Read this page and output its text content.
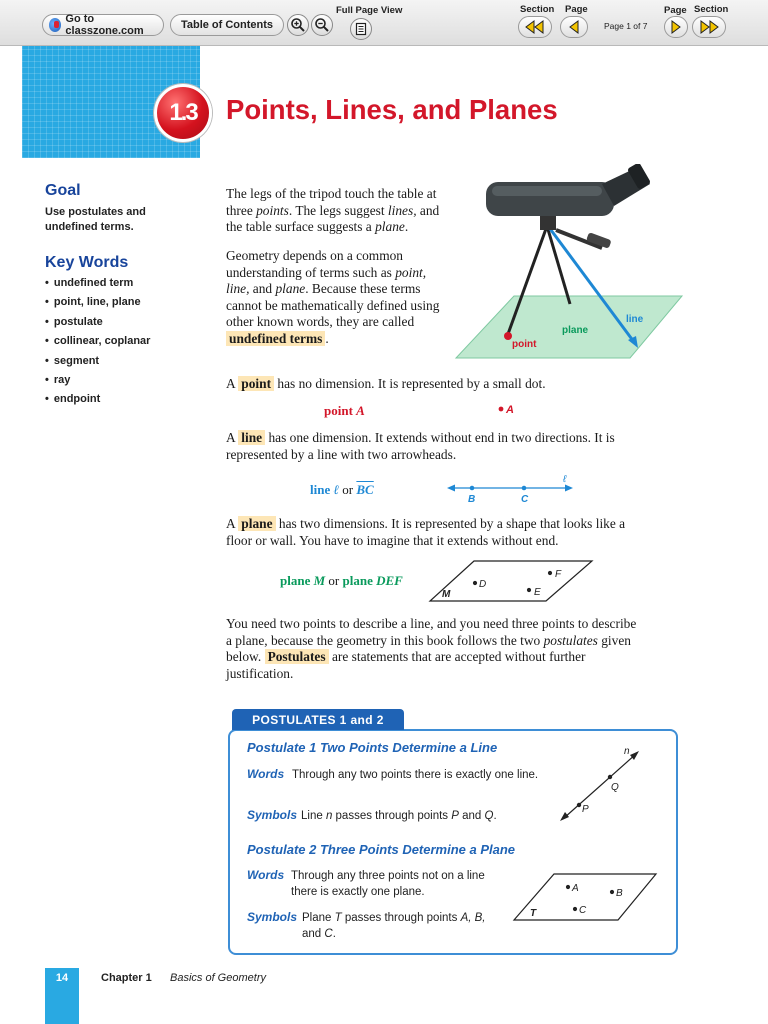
Go to classzone.com	Table of Contents
Full Page View	Section Page
Page 1 of 7
Page Section
1.3	Points, Lines, and Planes
Goal
Use postulates and undefined terms.
Key Words
• undefined term
• point, line, plane
• postulate
• collinear, coplanar
• segment
• ray
• endpoint

The legs of the tripod touch the table at three points. The legs suggest lines, and the table surface suggests a plane.

Geometry depends on a common understanding of terms such as point, line, and plane. Because these terms cannot be mathematically defined using other known words, they are called undefined terms .	point
plane
line

A point has no dimension. It is represented by a small dot.

point A	A

A line has one dimension. It extends without end in two directions. It is represented by a line with two arrowheads.

line ℓ or $\overline{BC}$
B	C
ℓ

A plane has two dimensions. It is represented by a shape that looks like a floor or wall. You have to imagine that it extends without end.

plane M or plane DEF	D
F
E
M

You need two points to describe a line, and you need three points to describe a plane, because the geometry in this book follows the two postulates given below. Postulates are statements that are accepted without further justification.

POSTULATES 1 and 2
Postulate 1 Two Points Determine a Line
Words Through any two points there is exactly one line.
Symbols Line n passes through points P and Q.
P
Q
n
Postulate 2 Three Points Determine a Plane
Words Through any three points not on a line there is exactly one plane.
Symbols Plane T passes through points A, B, and C.
A	B
C
T
14	Chapter 1 Basics of Geometry
